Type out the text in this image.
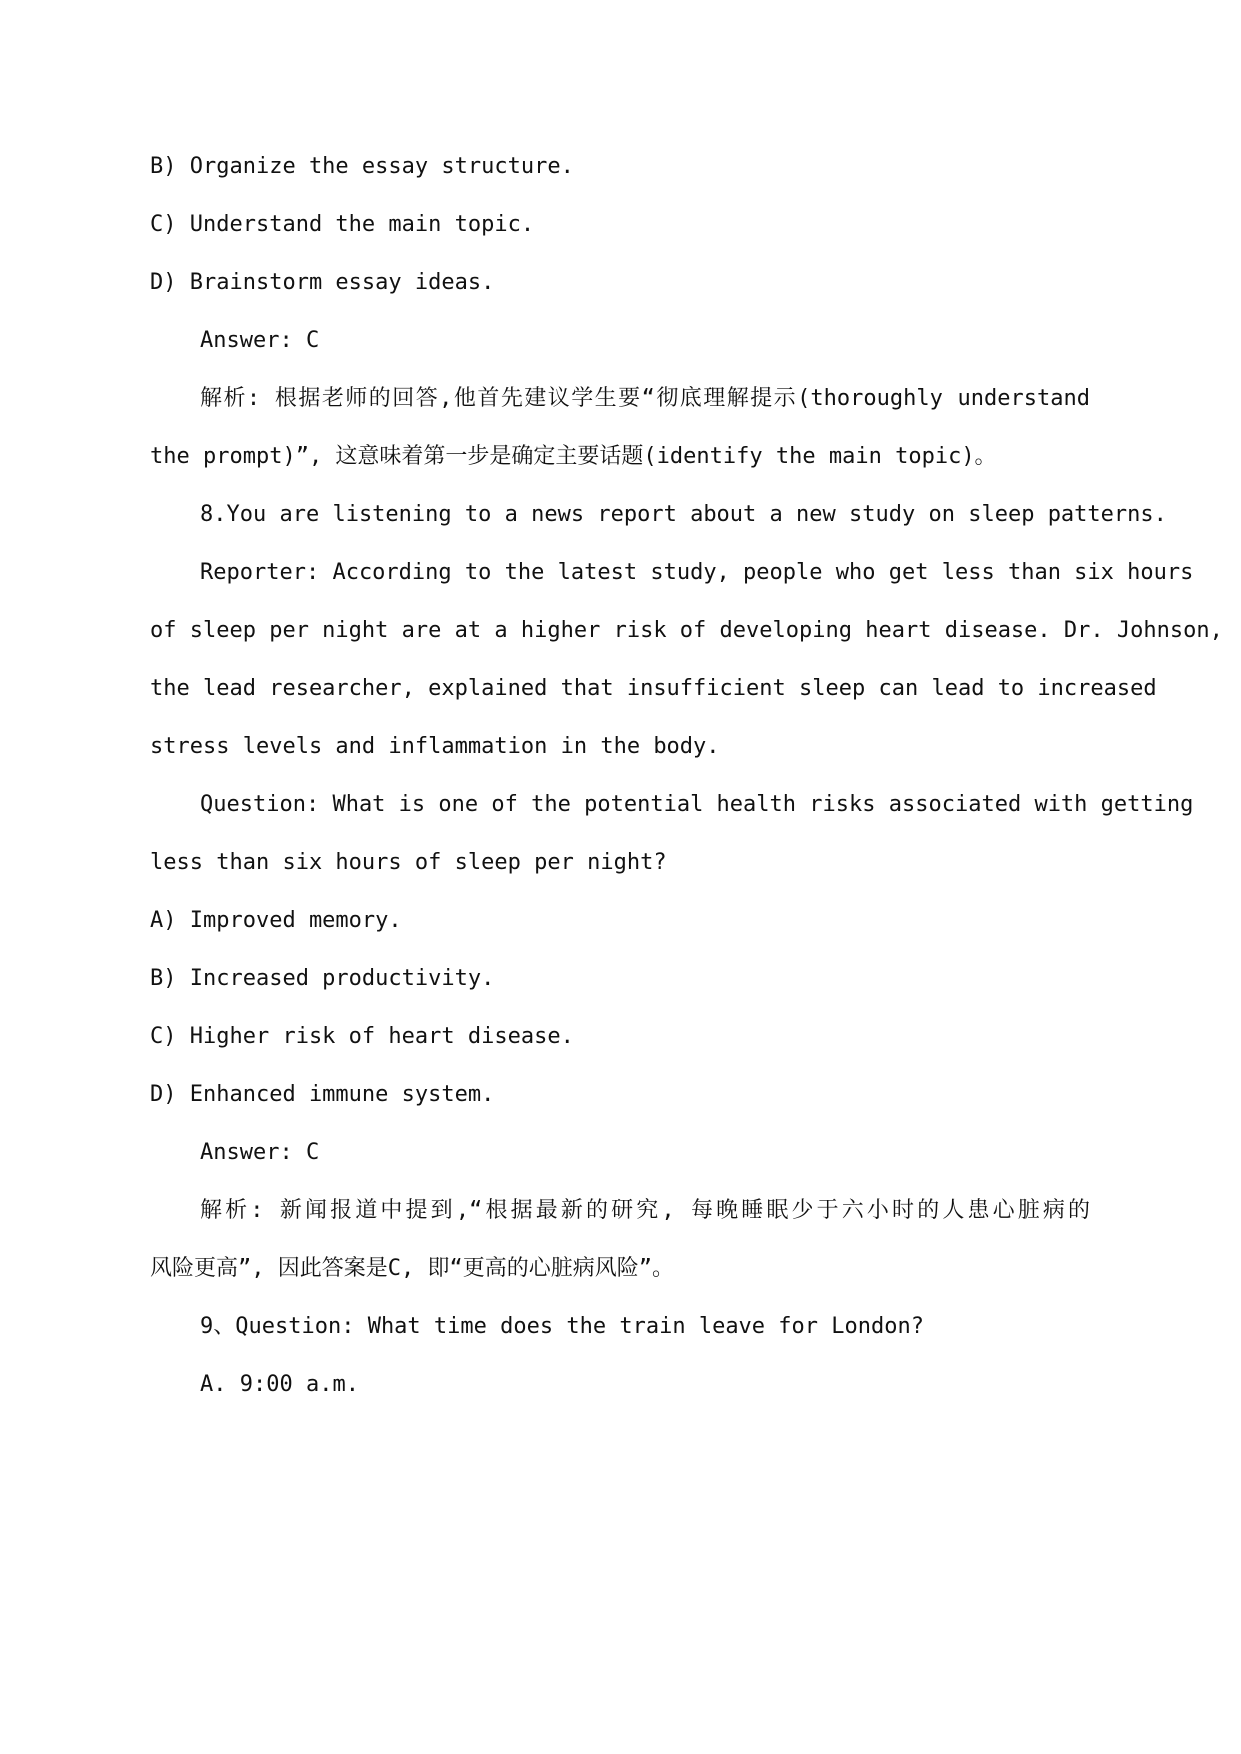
B) Organize the essay structure.
C) Understand the main topic.
D) Brainstorm essay ideas.
Answer: C
解析: 根据老师的回答,他首先建议学生要“彻底理解提示(thoroughly understand
the prompt)”, 这意味着第一步是确定主要话题(identify the main topic)。
8.You are listening to a news report about a new study on sleep patterns.
Reporter: According to the latest study, people who get less than six hours
of sleep per night are at a higher risk of developing heart disease. Dr. Johnson,
the lead researcher, explained that insufficient sleep can lead to increased
stress levels and inflammation in the body.
Question: What is one of the potential health risks associated with getting
less than six hours of sleep per night?
A) Improved memory.
B) Increased productivity.
C) Higher risk of heart disease.
D) Enhanced immune system.
Answer: C
解析: 新闻报道中提到,“根据最新的研究, 每晚睡眠少于六小时的人患心脏病的
风险更高”, 因此答案是C, 即“更高的心脏病风险”。
9、Question: What time does the train leave for London?
A. 9:00 a.m.
